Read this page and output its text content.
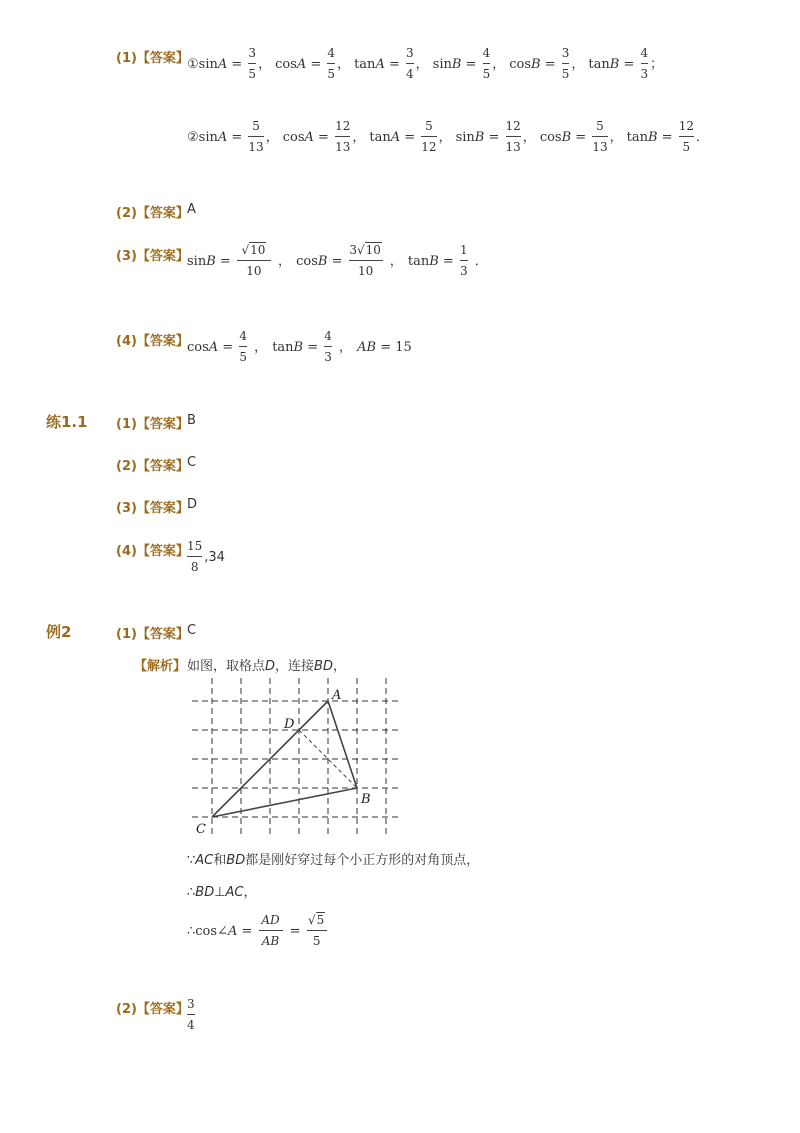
(1)【答案】
①sinA = $\frac{3}{5}$ ， $\cos A = \frac{4}{5}$ ， $\tan A = \frac{3}{4}$ ， $\sin B = \frac{4}{5}$ ， $\cos B = \frac{3}{5}$ ， $\tan B = \frac{4}{3}$ ；
②sinA = $\frac{5}{13}$ ， $\cos A = \frac{12}{13}$ ， $\tan A = \frac{5}{12}$ ， $\sin B = \frac{12}{13}$ ， $\cos B = \frac{5}{13}$ ， $\tan B = \frac{12}{5}$ ．
(2)【答案】
A
(3)【答案】
$\sin B = \frac{√10}{10}$ ， $\cos B = \frac{3√10}{10}$ ， $\tan B = \frac{1}{3}$ ．
(4)【答案】
$\cos A = \frac{4}{5}$ ， $\tan B = \frac{4}{3}$ ， AB = 15
练1.1 (1)【答案】
B
(2)【答案】
C
(3)【答案】
D
(4)【答案】
$\frac{15}{8} ,34$
例2	(1)【答案】
C
【解析】 如图，取格点D，连接BD，
A
B
C
D
∵AC和BD都是刚好穿过每个小正方形的对角顶点，
∴BD⊥AC，
∴cos∠A = $\frac{AD}{AB} = \frac{√5}{5}$
(2)【答案】
$\frac{3}{4}$
